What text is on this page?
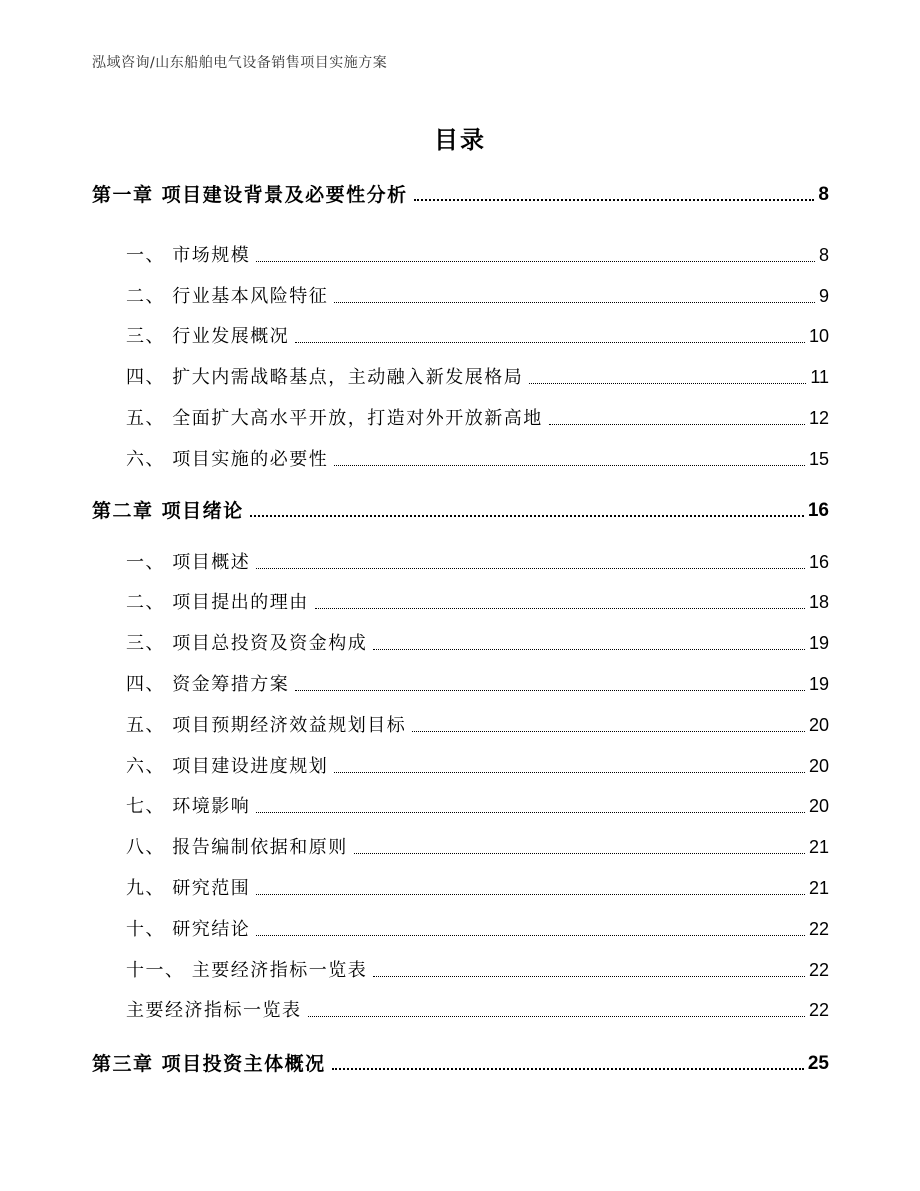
泓域咨询/山东船舶电气设备销售项目实施方案
目录
第一章 项目建设背景及必要性分析	8
一、 市场规模	8
二、 行业基本风险特征	9
三、 行业发展概况	10
四、 扩大内需战略基点，主动融入新发展格局	11
五、 全面扩大高水平开放，打造对外开放新高地	12
六、 项目实施的必要性	15
第二章 项目绪论	16
一、 项目概述	16
二、 项目提出的理由	18
三、 项目总投资及资金构成	19
四、 资金筹措方案	19
五、 项目预期经济效益规划目标	20
六、 项目建设进度规划	20
七、 环境影响	20
八、 报告编制依据和原则	21
九、 研究范围	21
十、 研究结论	22
十一、 主要经济指标一览表	22
主要经济指标一览表	22
第三章 项目投资主体概况	25
